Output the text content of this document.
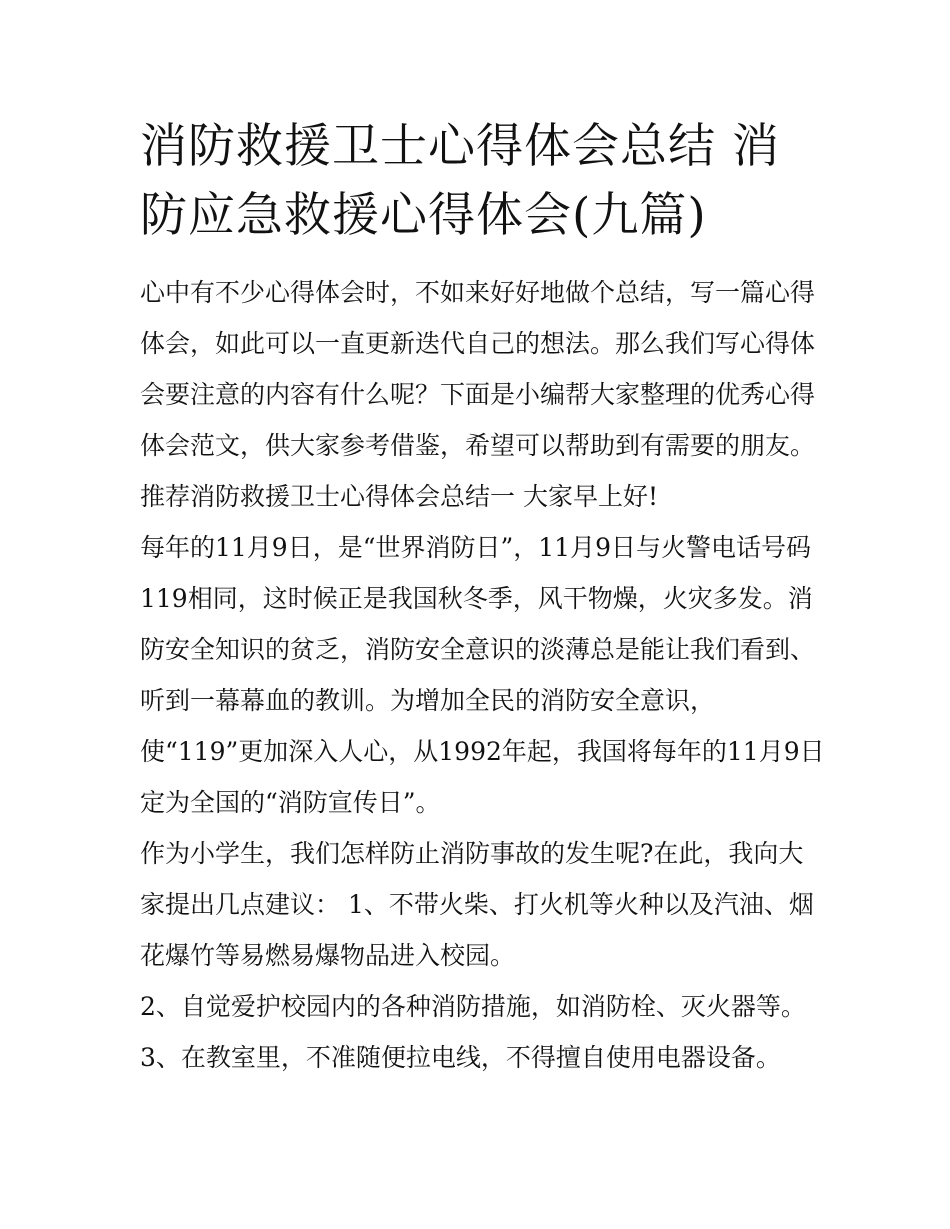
消防救援卫士心得体会总结 消
防应急救援心得体会(九篇)
心中有不少心得体会时，不如来好好地做个总结，写一篇心得
体会，如此可以一直更新迭代自己的想法。那么我们写心得体
会要注意的内容有什么呢？下面是小编帮大家整理的优秀心得
体会范文，供大家参考借鉴，希望可以帮助到有需要的朋友。
推荐消防救援卫士心得体会总结一 大家早上好!
每年的11月9日，是“世界消防日”，11月9日与火警电话号码
119相同，这时候正是我国秋冬季，风干物燥，火灾多发。消
防安全知识的贫乏，消防安全意识的淡薄总是能让我们看到、
听到一幕幕血的教训。为增加全民的消防安全意识，
使“119”更加深入人心，从1992年起，我国将每年的11月9日
定为全国的“消防宣传日”。
作为小学生，我们怎样防止消防事故的发生呢?在此，我向大
家提出几点建议： 1、不带火柴、打火机等火种以及汽油、烟
花爆竹等易燃易爆物品进入校园。
2、自觉爱护校园内的各种消防措施，如消防栓、灭火器等。
3、在教室里，不准随便拉电线，不得擅自使用电器设备。
